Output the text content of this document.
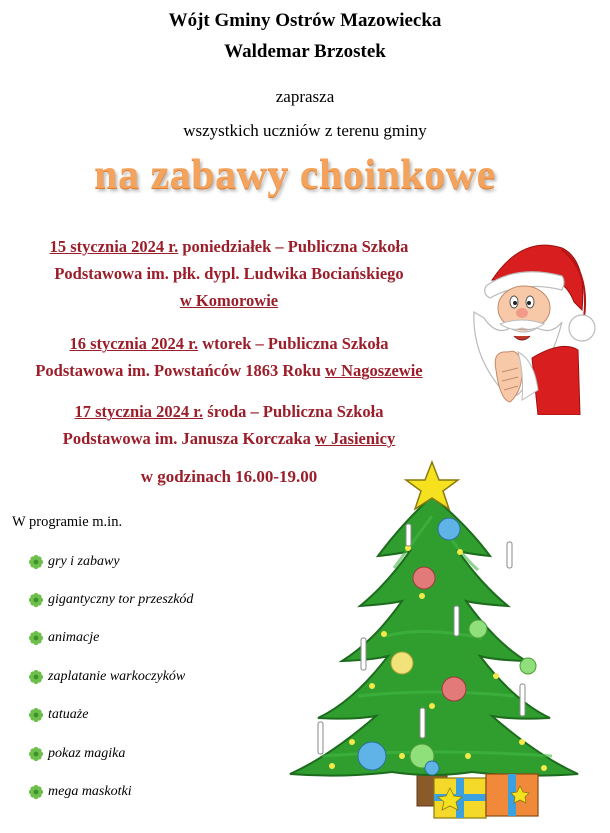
Wójt Gminy Ostrów Mazowiecka
Waldemar Brzostek
zaprasza
wszystkich uczniów z terenu gminy
na zabawy choinkowe
15 stycznia 2024 r. poniedziałek – Publiczna Szkoła
Podstawowa im. płk. dypl. Ludwika Bociańskiego
w Komorowie
16 stycznia 2024 r. wtorek – Publiczna Szkoła
Podstawowa im. Powstańców 1863 Roku w Nagoszewie
17 stycznia 2024 r. środa – Publiczna Szkoła
Podstawowa im. Janusza Korczaka w Jasienicy
w godzinach 16.00-19.00
W programie m.in.
gry i zabawy
gigantyczny tor przeszkód
animacje
zaplatanie warkoczyków
tatuaże
pokaz magika
mega maskotki
